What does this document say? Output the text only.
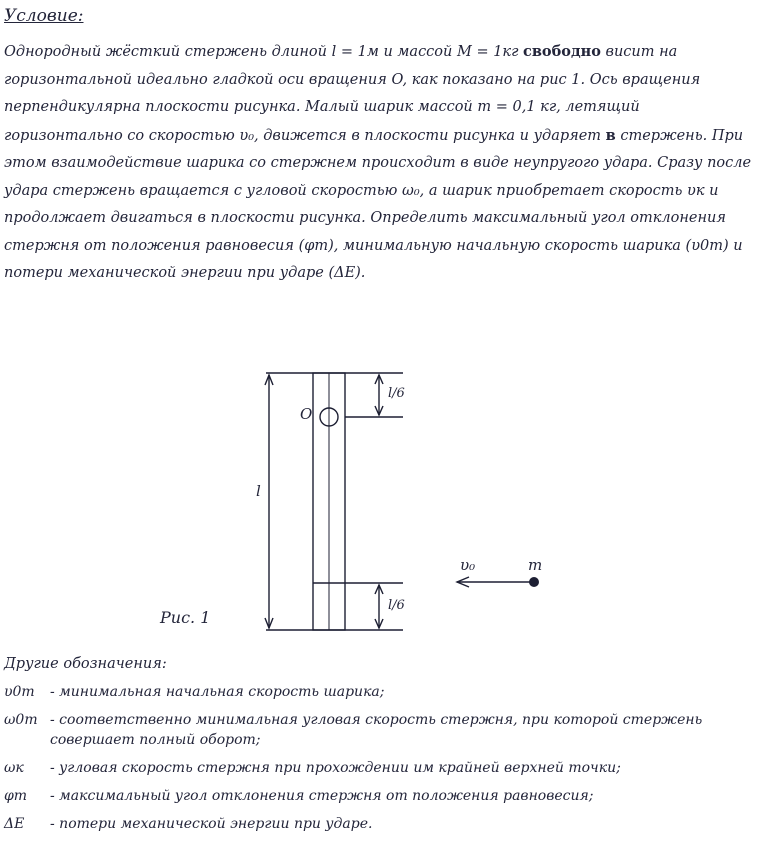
Условие:

Однородный жёсткий стержень длиной l = 1м и массой M = 1кг свободно висит на горизонтальной идеально гладкой оси вращения O, как показано на рис 1. Ось вращения перпендикулярна плоскости рисунка. Малый шарик массой m = 0,1 кг, летящий горизонтально со скоростью υ₀, движется в плоскости рисунка и ударяет в стержень. При этом взаимодействие шарика со стержнем происходит в виде неупругого удара. Сразу после удара стержень вращается с угловой скоростью ω₀, а шарик приобретает скорость υк и продолжает двигаться в плоскости рисунка. Определить максимальный угол отклонения стержня от положения равновесия (φm), минимальную начальную скорость шарика (υ0m) и потери механической энергии при ударе (ΔE).

O
l
l/6
l/6
υ₀	m
Рис. 1
Другие обозначения:
υ0m	- минимальная начальная скорость шарика;
ω0m - соответственно минимальная угловая скорость стержня, при которой стержень совершает полный оборот;
ωк	- угловая скорость стержня при прохождении им крайней верхней точки;
φm	- максимальный угол отклонения стержня от положения равновесия;
ΔE	- потери механической энергии при ударе.
